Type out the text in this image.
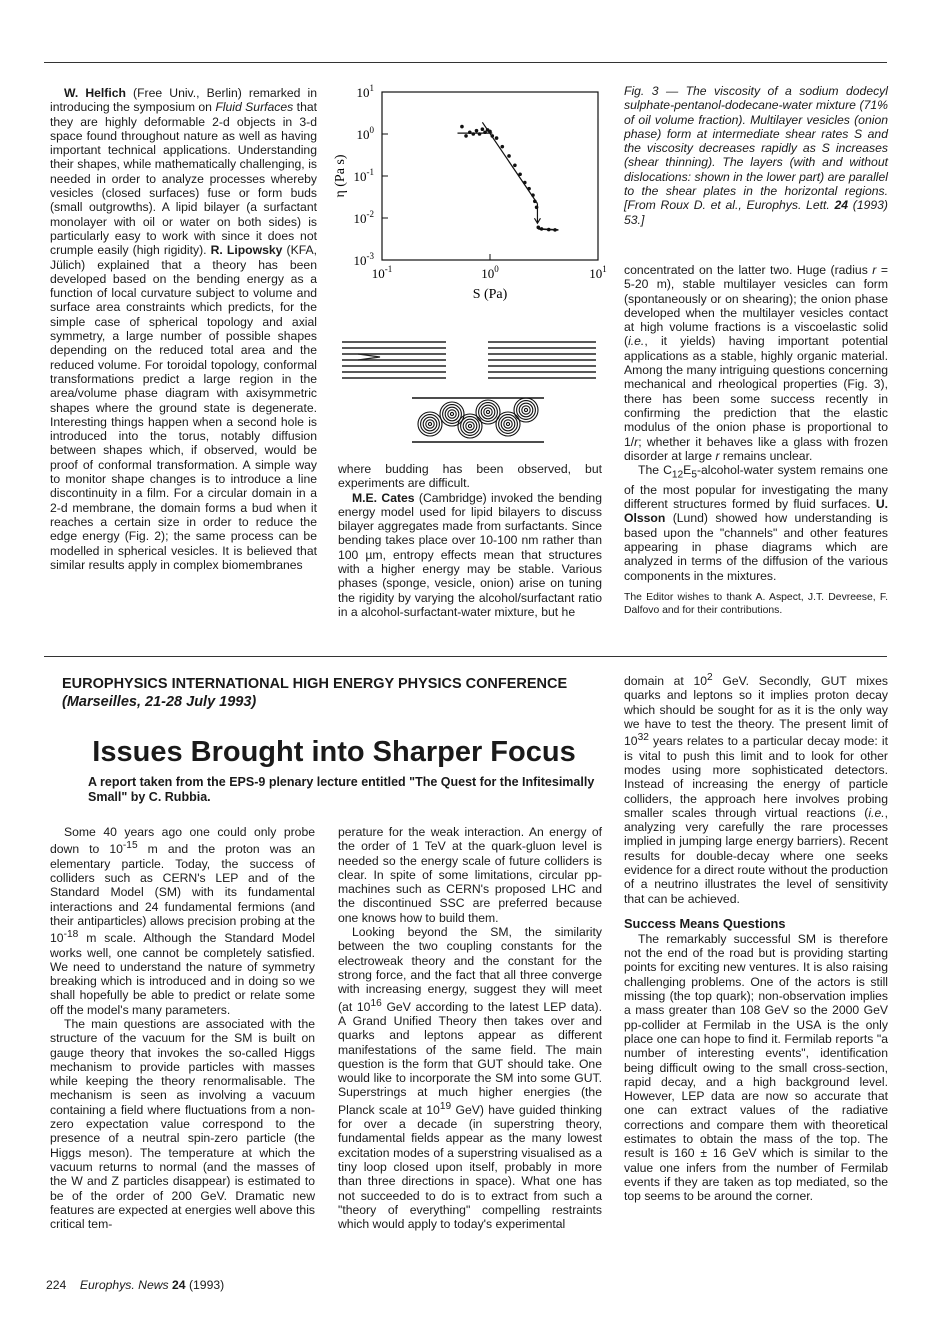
W. Helfich (Free Univ., Berlin) remarked in introducing the symposium on Fluid Surfaces that they are highly deformable 2-d objects in 3-d space found throughout nature as well as having important technical applications. Understanding their shapes, while mathematically challenging, is needed in order to analyze processes whereby vesicles (closed surfaces) fuse or form buds (small outgrowths). A lipid bilayer (a surfactant monolayer with oil or water on both sides) is particularly easy to work with since it does not crumple easily (high rigidity). R. Lipowsky (KFA, Jülich) explained that a theory has been developed based on the bending energy as a function of local curvature subject to volume and surface area constraints which predicts, for the simple case of spherical topology and axial symmetry, a large number of possible shapes depending on the reduced total area and the reduced volume. For toroidal topology, conformal transformations predict a large region in the area/volume phase diagram with axisymmetric shapes where the ground state is degenerate. Interesting things happen when a second hole is introduced into the torus, notably diffusion between shapes which, if observed, would be proof of conformal transformation. A simple way to monitor shape changes is to introduce a line discontinuity in a film. For a circular domain in a 2-d membrane, the domain forms a bud when it reaches a certain size in order to reduce the edge energy (Fig. 2); the same process can be modelled in spherical vesicles. It is believed that similar results apply in complex biomembranes

$10^1$
$10^0$
$10^{-1}$
$10^{-2}$
$10^{-3}$
$10^{-1}$	$10^0$	$10^1$
S (Pa)
η (Pa s)

where budding has been observed, but experiments are difficult.

M.E. Cates (Cambridge) invoked the bending energy model used for lipid bilayers to discuss bilayer aggregates made from surfactants. Since bending takes place over 10-100 nm rather than 100 µm, entropy effects mean that structures with a higher energy may be stable. Various phases (sponge, vesicle, onion) arise on tuning the rigidity by varying the alcohol/surfactant ratio in a alcohol-surfactant-water mixture, but he

Fig. 3 — The viscosity of a sodium dodecyl sulphate-pentanol-dodecane-water mixture (71% of oil volume fraction). Multilayer vesicles (onion phase) form at intermediate shear rates S and the viscosity decreases rapidly as S increases (shear thinning). The layers (with and without dislocations: shown in the lower part) are parallel to the shear plates in the horizontal regions. [From Roux D. et al., Europhys. Lett. 24 (1993) 53.]

concentrated on the latter two. Huge (radius r = 5-20 m), stable multilayer vesicles can form (spontaneously or on shearing); the onion phase developed when the multilayer vesicles contact at high volume fractions is a viscoelastic solid (i.e., it yields) having important potential applications as a stable, highly organic material. Among the many intriguing questions concerning mechanical and rheological properties (Fig. 3), there has been some success recently in confirming the prediction that the elastic modulus of the onion phase is proportional to 1/r; whether it behaves like a glass with frozen disorder at large r remains unclear.

The $C_{12}E_5-alcohol$-water system remains one of the most popular for investigating the many different structures formed by fluid surfaces. U. Olsson (Lund) showed how understanding is based upon the "channels" and other features appearing in phase diagrams which are analyzed in terms of the diffusion of the various components in the mixtures.

The Editor wishes to thank A. Aspect, J.T. Devreese, F. Dalfovo and for their contributions.
EUROPHYSICS INTERNATIONAL HIGH ENERGY PHYSICS CONFERENCE
(Marseilles, 21-28 July 1993)
Issues Brought into Sharper Focus
A report taken from the EPS-9 plenary lecture entitled "The Quest for the Infitesimally Small" by C. Rubbia.

Some 40 years ago one could only probe down to $10^{-15}$ m and the proton was an elementary particle. Today, the success of colliders such as CERN's LEP and of the Standard Model (SM) with its fundamental interactions and 24 fundamental fermions (and their antiparticles) allows precision probing at the $10^{-18}$ m scale. Although the Standard Model works well, one cannot be completely satisfied. We need to understand the nature of symmetry breaking which is introduced and in doing so we shall hopefully be able to predict or relate some off the model's many parameters.

The main questions are associated with the structure of the vacuum for the SM is built on gauge theory that invokes the so-called Higgs mechanism to provide particles with masses while keeping the theory renormalisable. The mechanism is seen as involving a vacuum containing a field where fluctuations from a non-zero expectation value correspond to the presence of a neutral spin-zero particle (the Higgs meson). The temperature at which the vacuum returns to normal (and the masses of the W and Z particles disappear) is estimated to be of the order of 200 GeV. Dramatic new features are expected at energies well above this critical tem-

perature for the weak interaction. An energy of the order of 1 TeV at the quark-gluon level is needed so the energy scale of future colliders is clear. In spite of some limitations, circular pp-machines such as CERN's proposed LHC and the discontinued SSC are preferred because one knows how to build them.

Looking beyond the SM, the similarity between the two coupling constants for the electroweak theory and the constant for the strong force, and the fact that all three converge with increasing energy, suggest they will meet (at $10^{16}$ GeV according to the latest LEP data). A Grand Unified Theory then takes over and quarks and leptons appear as different manifestations of the same field. The main question is the form that GUT should take. One would like to incorporate the SM into some GUT. Superstrings at much higher energies (the Planck scale at $10^{19}$ GeV) have guided thinking for over a decade (in superstring theory, fundamental fields appear as the many lowest excitation modes of a superstring visualised as a tiny loop closed upon itself, probably in more than three directions in space). What one has not succeeded to do is to extract from such a "theory of everything" compelling restraints which would apply to today's experimental

domain at $10^2$ GeV. Secondly, GUT mixes quarks and leptons so it implies proton decay which should be sought for as it is the only way we have to test the theory. The present limit of $10^{32}$ years relates to a particular decay mode: it is vital to push this limit and to look for other modes using more sophisticated detectors. Instead of increasing the energy of particle colliders, the approach here involves probing smaller scales through virtual reactions (i.e., analyzing very carefully the rare processes implied in jumping large energy barriers). Recent results for double-decay where one seeks evidence for a direct route without the production of a neutrino illustrates the level of sensitivity that can be achieved.

Success Means Questions

The remarkably successful SM is therefore not the end of the road but is providing starting points for exciting new ventures. It is also raising challenging problems. One of the actors is still missing (the top quark); non-observation implies a mass greater than 108 GeV so the 2000 GeV pp-collider at Fermilab in the USA is the only place one can hope to find it. Fermilab reports "a number of interesting events", identification being difficult owing to the small cross-section, rapid decay, and a high background level. However, LEP data are now so accurate that one can extract values of the radiative corrections and compare them with theoretical estimates to obtain the mass of the top. The result is 160 ± 16 GeV which is similar to the value one infers from the number of Fermilab events if they are taken as top mediated, so the top seems to be around the corner.

224 Europhys. News 24 (1993)
